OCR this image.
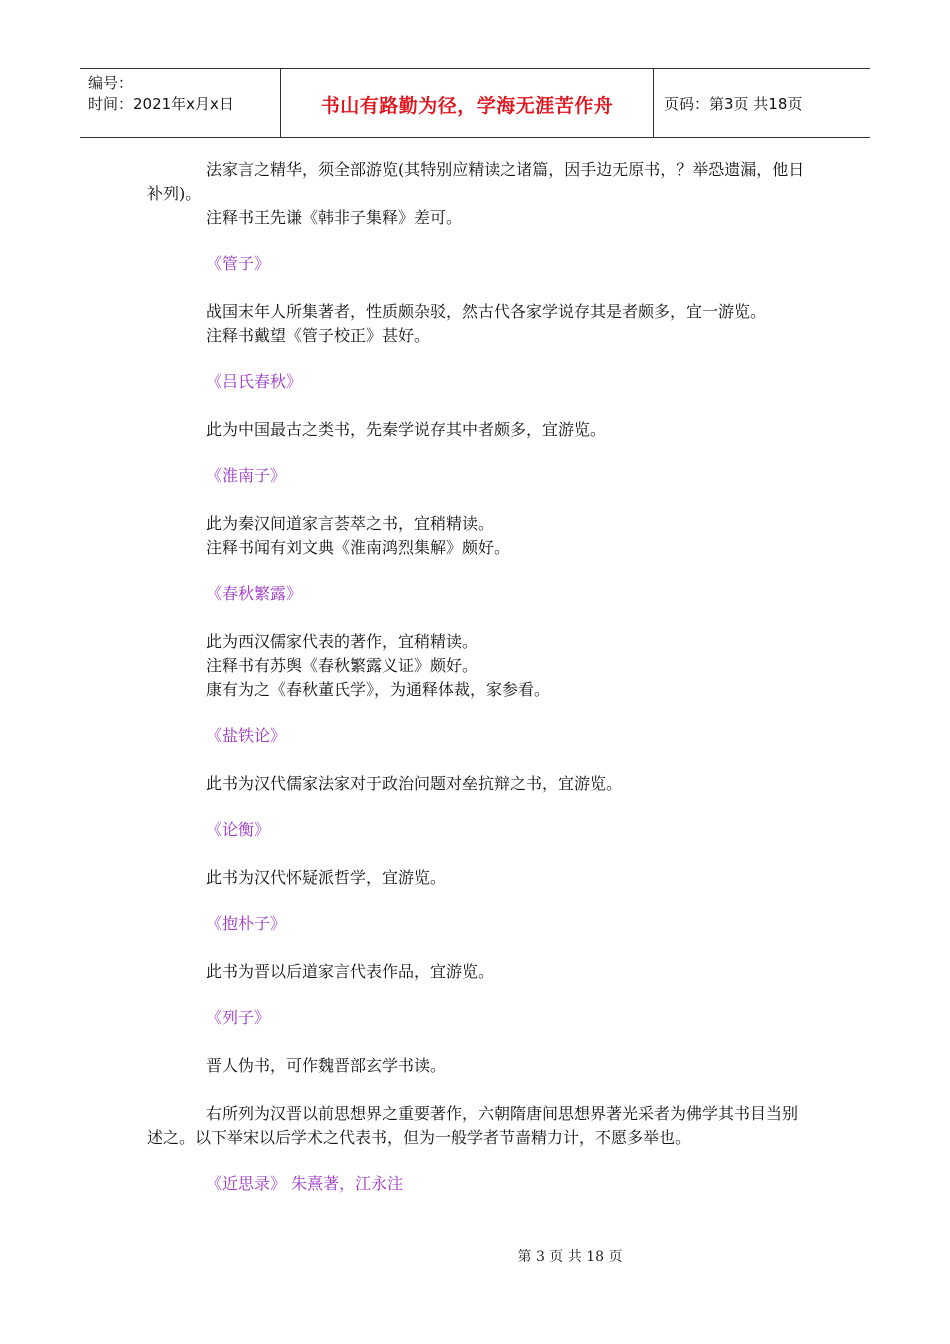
编号：
时间：2021年x月x日	书山有路勤为径，学海无涯苦作舟	页码：第3页 共18页

法家言之精华，须全部游览(其特别应精读之诸篇，因手边无原书，？举恐遗漏，他日补列)。

注释书王先谦《韩非子集释》差可。

《管子》

战国末年人所集著者，性质颇杂驳，然古代各家学说存其是者颇多，宜一游览。

注释书戴望《管子校正》甚好。

《吕氏春秋》

此为中国最古之类书，先秦学说存其中者颇多，宜游览。

《淮南子》

此为秦汉间道家言荟萃之书，宜稍精读。

注释书闻有刘文典《淮南鸿烈集解》颇好。

《春秋繁露》

此为西汉儒家代表的著作，宜稍精读。

注释书有苏舆《春秋繁露义证》颇好。

康有为之《春秋董氏学》，为通释体裁，家参看。

《盐铁论》

此书为汉代儒家法家对于政治问题对垒抗辩之书，宜游览。

《论衡》

此书为汉代怀疑派哲学，宜游览。

《抱朴子》

此书为晋以后道家言代表作品，宜游览。

《列子》

晋人伪书，可作魏晋部玄学书读。

右所列为汉晋以前思想界之重要著作，六朝隋唐间思想界著光采者为佛学其书目当别述之。以下举宋以后学术之代表书，但为一般学者节啬精力计，不愿多举也。

《近思录》 朱熹著，江永注

第 3 页 共 18 页
